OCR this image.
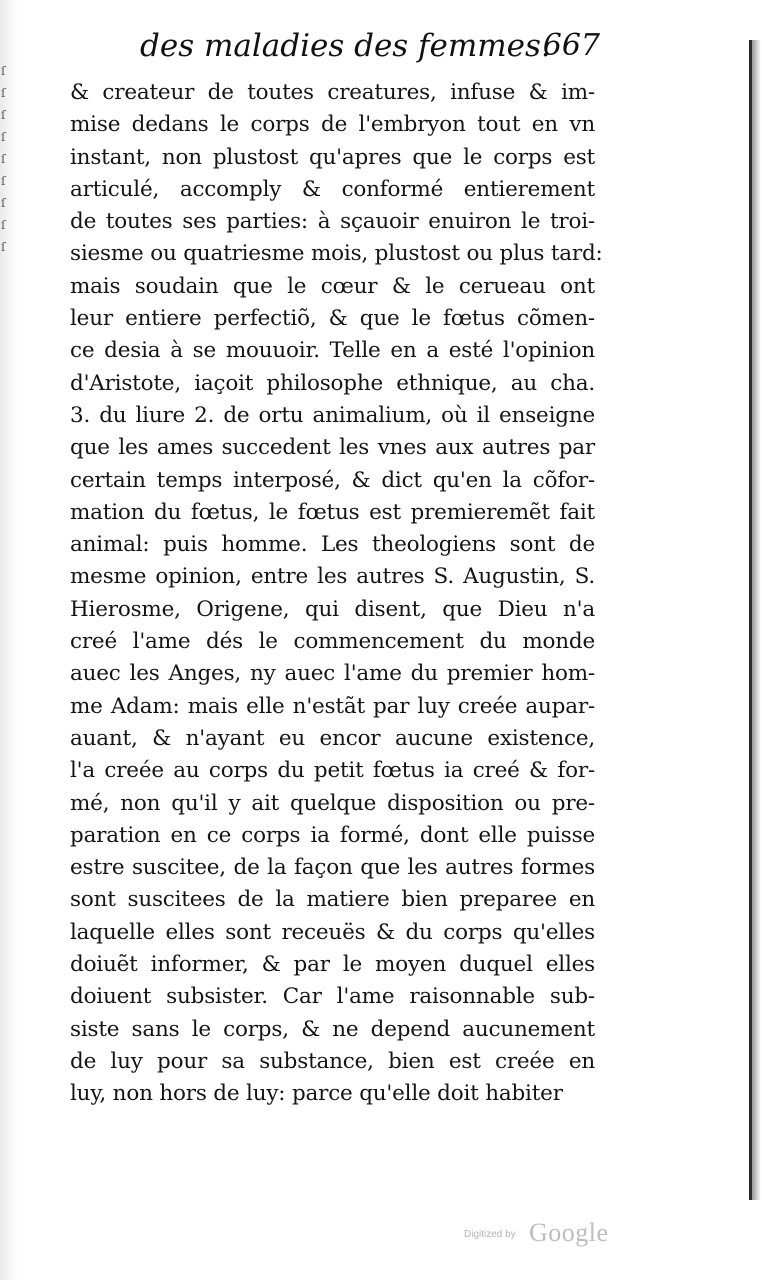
ſ
ſ
ſ
ſ
ſ
ſ
ſ
ſ
ſ
des maladies des femmes.
667
& createur de toutes creatures, infuse & im-
mise dedans le corps de l'embryon tout en vn
instant, non plustost qu'apres que le corps est
articulé, accomply & conformé entierement
de toutes ses parties: à sçauoir enuiron le troi-
siesme ou quatriesme mois, plustost ou plus tard:
mais soudain que le cœur & le cerueau ont
leur entiere perfectiõ, & que le fœtus cõmen-
ce desia à se mouuoir. Telle en a esté l'opinion
d'Aristote, iaçoit philosophe ethnique, au cha.
3. du liure 2. de ortu animalium, où il enseigne
que les ames succedent les vnes aux autres par
certain temps interposé, & dict qu'en la cõfor-
mation du fœtus, le fœtus est premieremẽt fait
animal: puis homme. Les theologiens sont de
mesme opinion, entre les autres S. Augustin, S.
Hierosme, Origene, qui disent, que Dieu n'a
creé l'ame dés le commencement du monde
auec les Anges, ny auec l'ame du premier hom-
me Adam: mais elle n'estãt par luy creée aupar-
auant, & n'ayant eu encor aucune existence,
l'a creée au corps du petit fœtus ia creé & for-
mé, non qu'il y ait quelque disposition ou pre-
paration en ce corps ia formé, dont elle puisse
estre suscitee, de la façon que les autres formes
sont suscitees de la matiere bien preparee en
laquelle elles sont receuës & du corps qu'elles
doiuẽt informer, & par le moyen duquel elles
doiuent subsister. Car l'ame raisonnable sub-
siste sans le corps, & ne depend aucunement
de luy pour sa substance, bien est creée en
luy, non hors de luy: parce qu'elle doit habiter
Digitized by Google
